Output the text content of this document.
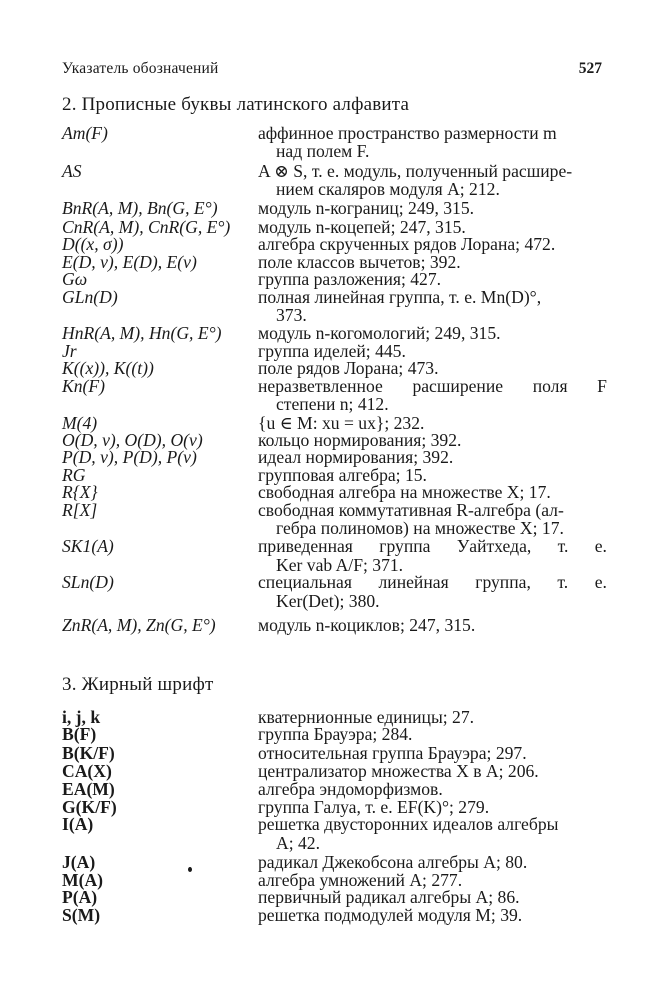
Указатель обозначений	527
2. Прописные буквы латинского алфавита
Am(F)	аффинное пространство размерности m
над полем F.
AS	A ⊗ S, т. е. модуль, полученный расшире-
нием скаляров модуля A; 212.
BnR(A, M), Bn(G, E°)	модуль n-кограниц; 249, 315.
CnR(A, M), CnR(G, E°)	модуль n-коцепей; 247, 315.
D((x, σ))	алгебра скрученных рядов Лорана; 472.
E(D, v), E(D), E(v)	поле классов вычетов; 392.
Gω	группа разложения; 427.
GLn(D)	полная линейная группа, т. е. Mn(D)°,
373.
HnR(A, M), Hn(G, E°)	модуль n-когомологий; 249, 315.
Jr	группа иделей; 445.
K((x)), K((t))	поле рядов Лорана; 473.
Kn(F)	неразветвленное расширение поля F
степени n; 412.
M(4)	{u ∈ M: xu = ux}; 232.
O(D, v), O(D), O(v)	кольцо нормирования; 392.
P(D, v), P(D), P(v)	идеал нормирования; 392.
RG	групповая алгебра; 15.
R{X}	свободная алгебра на множестве X; 17.
R[X]	свободная коммутативная R-алгебра (ал-
гебра полиномов) на множестве X; 17.
SK1(A)	приведенная группа Уайтхеда, т. е.
Ker vab A/F; 371.
SLn(D)	специальная линейная группа, т. е.
Ker(Det); 380.
ZnR(A, M), Zn(G, E°)	модуль n-коциклов; 247, 315.
3. Жирный шрифт
i, j, k	кватернионные единицы; 27.
B(F)	группа Брауэра; 284.
B(K/F)	относительная группа Брауэра; 297.
CA(X)	централизатор множества X в A; 206.
EA(M)	алгебра эндоморфизмов.
G(K/F)	группа Галуа, т. е. EF(K)°; 279.
I(A)	решетка двусторонних идеалов алгебры
A; 42.
J(A)	радикал Джекобсона алгебры A; 80.
M(A)	алгебра умножений A; 277.
P(A)	первичный радикал алгебры A; 86.
S(M)	решетка подмодулей модуля M; 39.
